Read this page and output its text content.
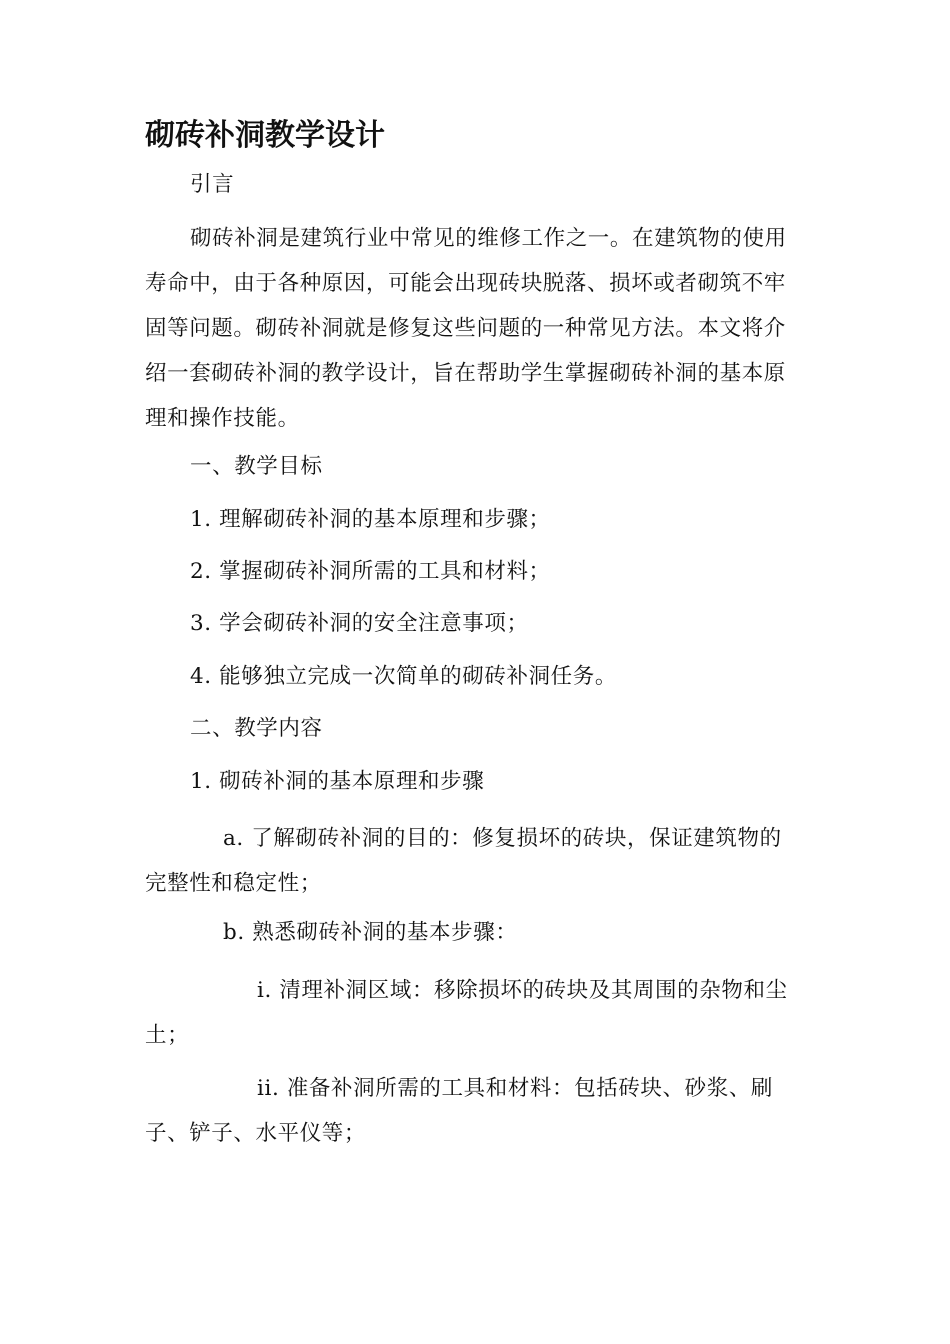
砌砖补洞教学设计
引言
砌砖补洞是建筑行业中常见的维修工作之一。在建筑物的使用
寿命中，由于各种原因，可能会出现砖块脱落、损坏或者砌筑不牢
固等问题。砌砖补洞就是修复这些问题的一种常见方法。本文将介
绍一套砌砖补洞的教学设计，旨在帮助学生掌握砌砖补洞的基本原
理和操作技能。
一、教学目标
1. 理解砌砖补洞的基本原理和步骤；
2. 掌握砌砖补洞所需的工具和材料；
3. 学会砌砖补洞的安全注意事项；
4. 能够独立完成一次简单的砌砖补洞任务。
二、教学内容
1. 砌砖补洞的基本原理和步骤
a. 了解砌砖补洞的目的：修复损坏的砖块，保证建筑物的
完整性和稳定性；
b. 熟悉砌砖补洞的基本步骤：
i. 清理补洞区域：移除损坏的砖块及其周围的杂物和尘
土；
ii. 准备补洞所需的工具和材料：包括砖块、砂浆、刷
子、铲子、水平仪等；
